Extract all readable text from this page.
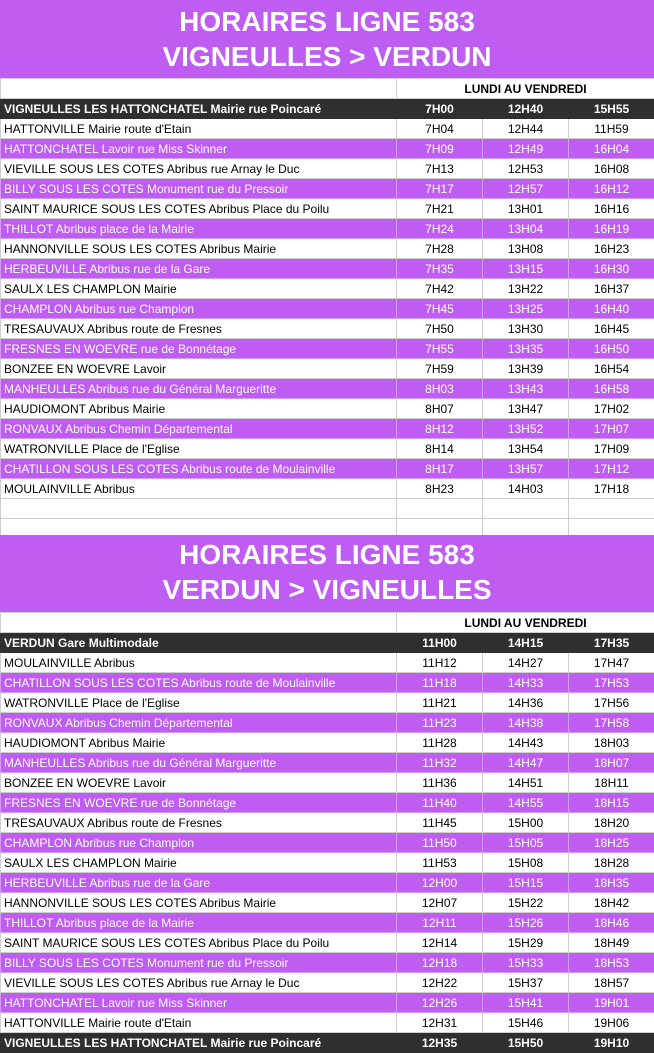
HORAIRES LIGNE 583
VIGNEULLES > VERDUN
	LUNDI AU VENDREDI		
VIGNEULLES LES HATTONCHATEL Mairie rue Poincaré	7H00	12H40	15H55
HATTONVILLE Mairie route d'Etain	7H04	12H44	11H59
HATTONCHATEL Lavoir rue Miss Skinner	7H09	12H49	16H04
VIEVILLE SOUS LES COTES Abribus rue Arnay le Duc	7H13	12H53	16H08
BILLY SOUS LES COTES Monument rue du Pressoir	7H17	12H57	16H12
SAINT MAURICE SOUS LES COTES Abribus Place du Poilu	7H21	13H01	16H16
THILLOT Abribus place de la Mairie	7H24	13H04	16H19
HANNONVILLE SOUS LES COTES Abribus Mairie	7H28	13H08	16H23
HERBEUVILLE Abribus rue de la Gare	7H35	13H15	16H30
SAULX LES CHAMPLON Mairie	7H42	13H22	16H37
CHAMPLON Abribus rue Champlon	7H45	13H25	16H40
TRESAUVAUX Abribus route de Fresnes	7H50	13H30	16H45
FRESNES EN WOEVRE rue de Bonnétage	7H55	13H35	16H50
BONZEE EN WOEVRE Lavoir	7H59	13H39	16H54
MANHEULLES Abribus rue du Général Margueritte	8H03	13H43	16H58
HAUDIOMONT Abribus Mairie	8H07	13H47	17H02
RONVAUX Abribus Chemin Départemental	8H12	13H52	17H07
WATRONVILLE Place de l'Eglise	8H14	13H54	17H09
CHATILLON SOUS LES COTES Abribus route de Moulainville	8H17	13H57	17H12
MOULAINVILLE Abribus	8H23	14H03	17H18

HORAIRES LIGNE 583
VERDUN > VIGNEULLES
	LUNDI AU VENDREDI		
VERDUN Gare Multimodale	11H00	14H15	17H35
MOULAINVILLE Abribus	11H12	14H27	17H47
CHATILLON SOUS LES COTES Abribus route de Moulainville	11H18	14H33	17H53
WATRONVILLE Place de l'Eglise	11H21	14H36	17H56
RONVAUX Abribus Chemin Départemental	11H23	14H38	17H58
HAUDIOMONT Abribus Mairie	11H28	14H43	18H03
MANHEULLES Abribus rue du Général Margueritte	11H32	14H47	18H07
BONZEE EN WOEVRE Lavoir	11H36	14H51	18H11
FRESNES EN WOEVRE rue de Bonnétage	11H40	14H55	18H15
TRESAUVAUX Abribus route de Fresnes	11H45	15H00	18H20
CHAMPLON Abribus rue Champlon	11H50	15H05	18H25
SAULX LES CHAMPLON Mairie	11H53	15H08	18H28
HERBEUVILLE Abribus rue de la Gare	12H00	15H15	18H35
HANNONVILLE SOUS LES COTES Abribus Mairie	12H07	15H22	18H42
THILLOT Abribus place de la Mairie	12H11	15H26	18H46
SAINT MAURICE SOUS LES COTES Abribus Place du Poilu	12H14	15H29	18H49
BILLY SOUS LES COTES Monument rue du Pressoir	12H18	15H33	18H53
VIEVILLE SOUS LES COTES Abribus rue Arnay le Duc	12H22	15H37	18H57
HATTONCHATEL Lavoir rue Miss Skinner	12H26	15H41	19H01
HATTONVILLE Mairie route d'Etain	12H31	15H46	19H06
VIGNEULLES LES HATTONCHATEL Mairie rue Poincaré	12H35	15H50	19H10
